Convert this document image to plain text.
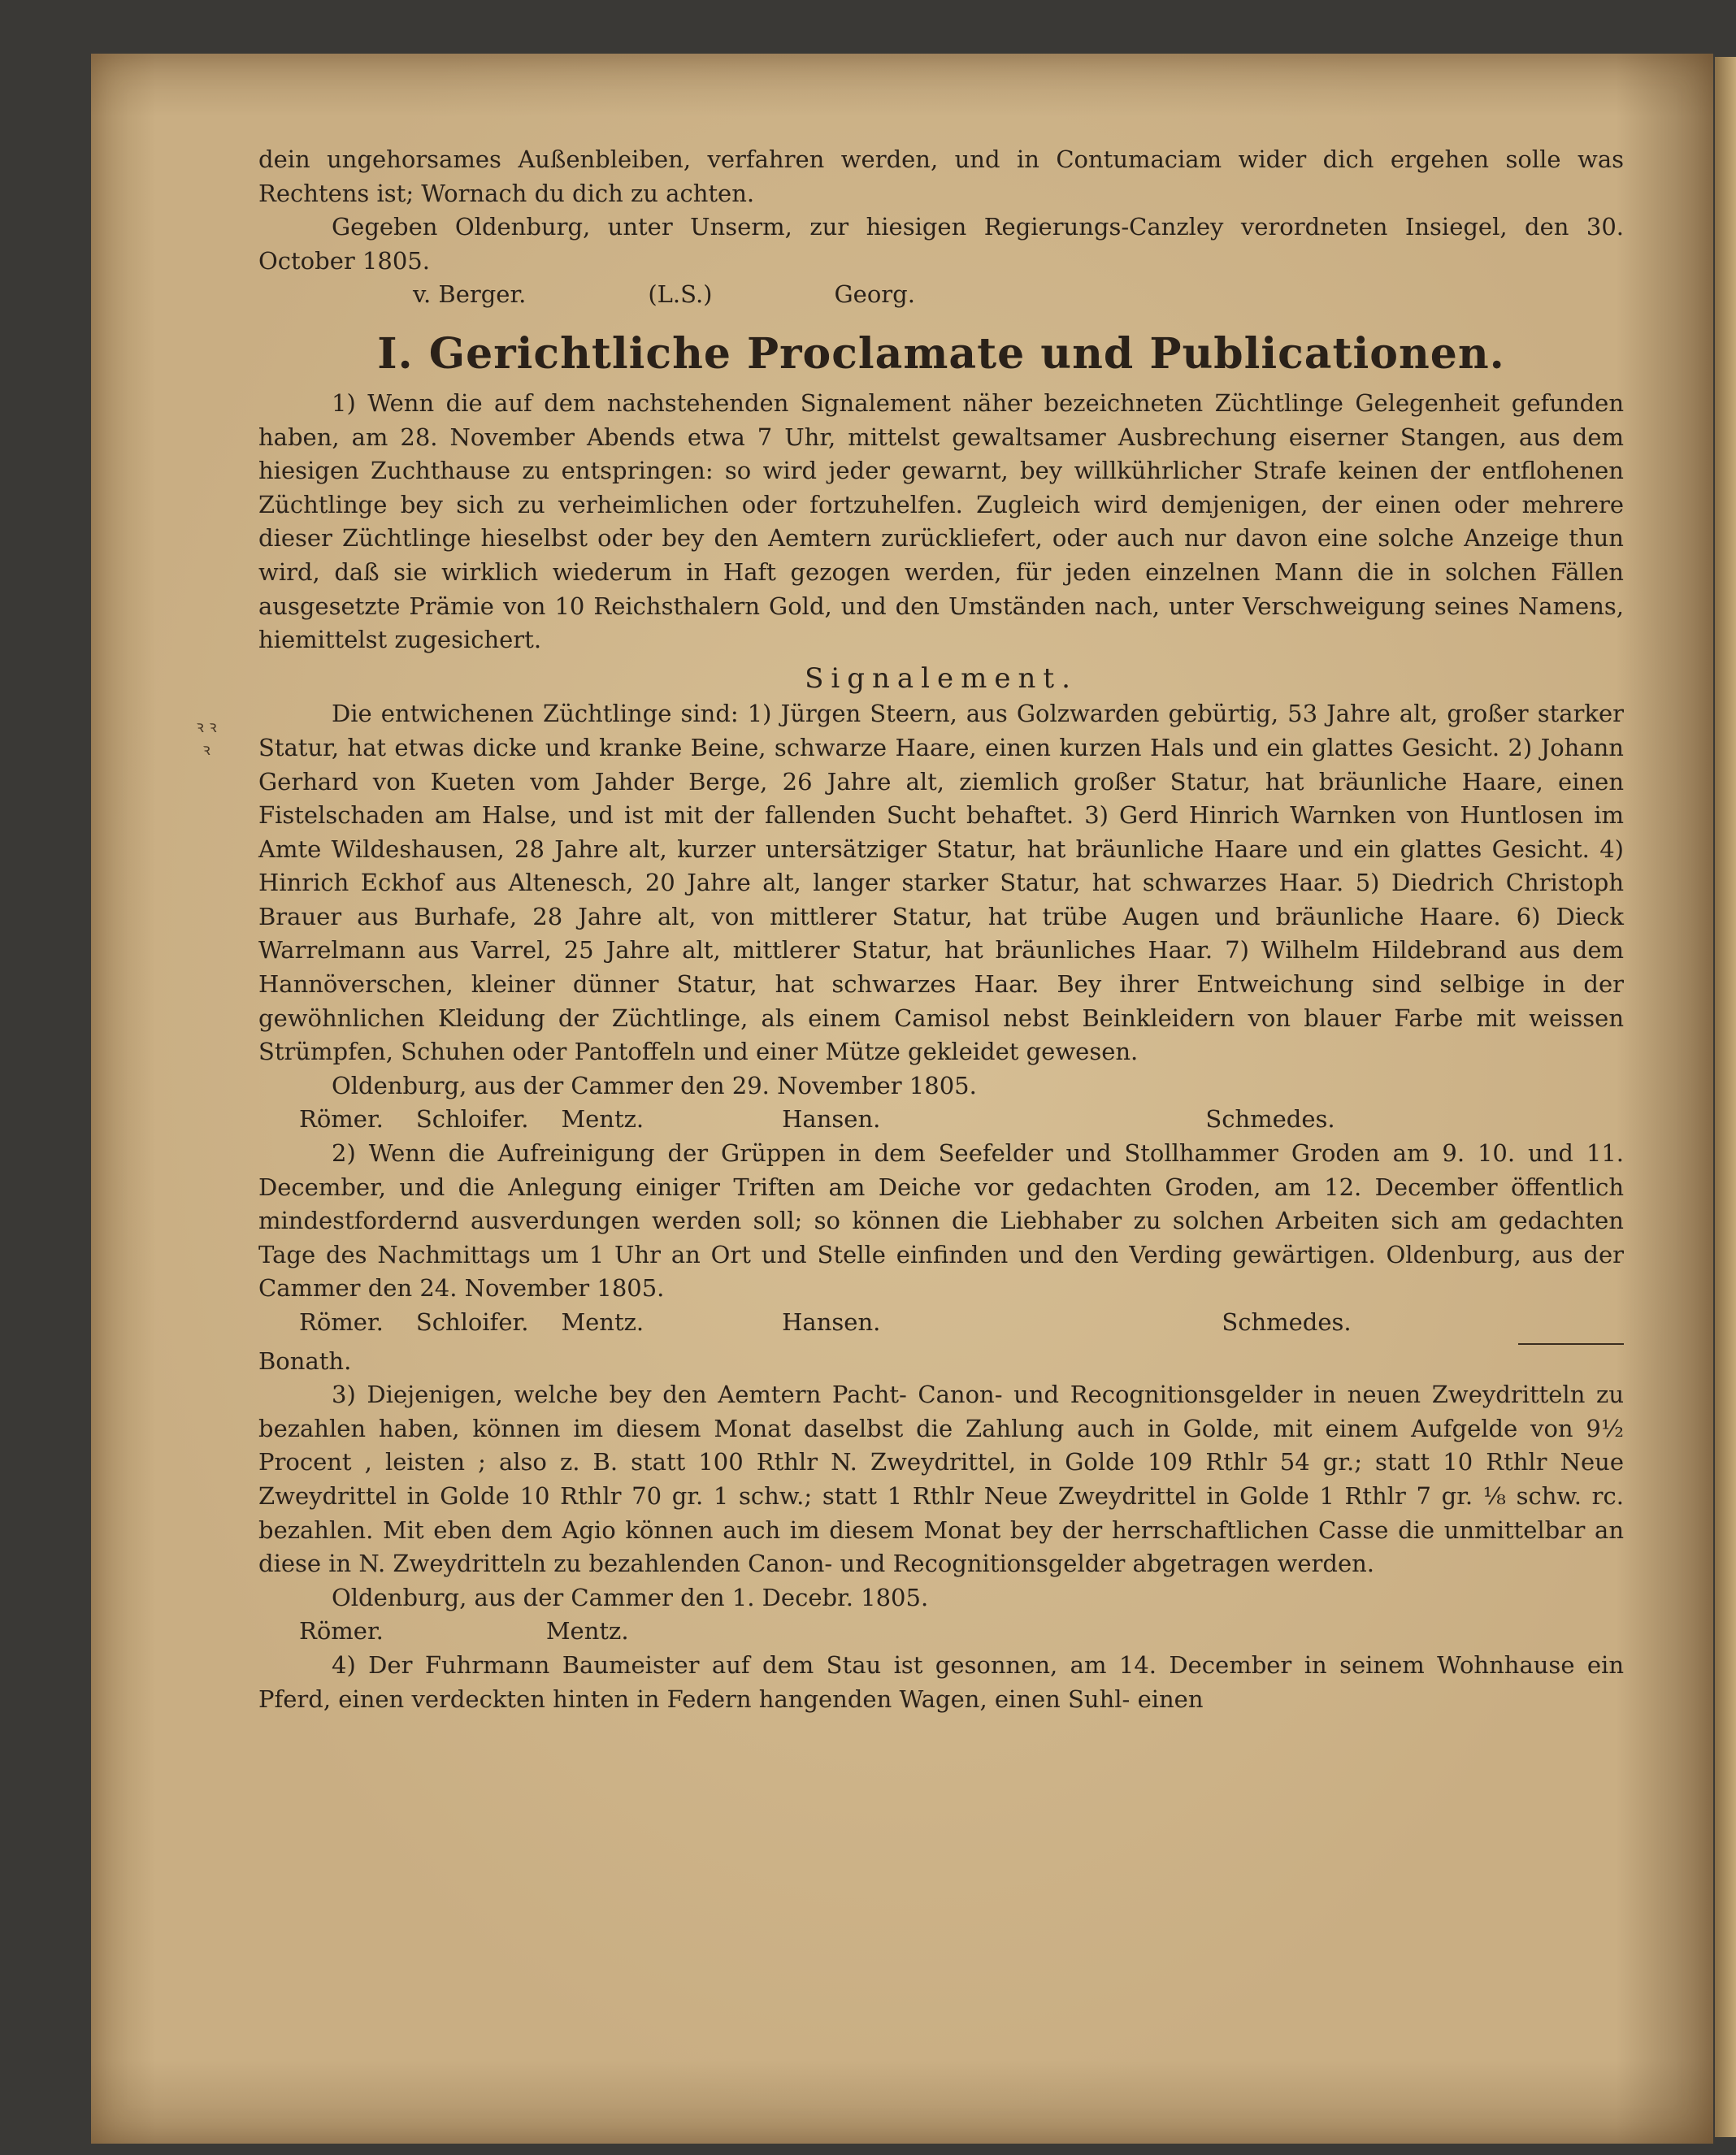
ꝛ ꝛ ꝛ

dein ungehorsames Außenbleiben, verfahren werden, und in Contumaciam wider dich ergehen solle was Rechtens ist; Wornach du dich zu achten.

Gegeben Oldenburg, unter Unserm, zur hiesigen Regierungs-Canzley verordneten Insiegel, den 30. October 1805.

v. Berger.	(L.S.)	Georg.
I. Gerichtliche Proclamate und Publicationen.

1) Wenn die auf dem nachstehenden Signalement näher bezeichneten Züchtlinge Gelegenheit gefunden haben, am 28. November Abends etwa 7 Uhr, mittelst gewaltsamer Ausbrechung eiserner Stangen, aus dem hiesigen Zuchthause zu entspringen: so wird jeder gewarnt, bey willkührlicher Strafe keinen der entflohenen Züchtlinge bey sich zu verheimlichen oder fortzuhelfen. Zugleich wird demjenigen, der einen oder mehrere dieser Züchtlinge hieselbst oder bey den Aemtern zurückliefert, oder auch nur davon eine solche Anzeige thun wird, daß sie wirklich wiederum in Haft gezogen werden, für jeden einzelnen Mann die in solchen Fällen ausgesetzte Prämie von 10 Reichsthalern Gold, und den Umständen nach, unter Verschweigung seines Namens, hiemittelst zugesichert.

Signalement.

Die entwichenen Züchtlinge sind: 1) Jürgen Steern, aus Golzwarden gebürtig, 53 Jahre alt, großer starker Statur, hat etwas dicke und kranke Beine, schwarze Haare, einen kurzen Hals und ein glattes Gesicht. 2) Johann Gerhard von Kueten vom Jahder Berge, 26 Jahre alt, ziemlich großer Statur, hat bräunliche Haare, einen Fistelschaden am Halse, und ist mit der fallenden Sucht behaftet. 3) Gerd Hinrich Warnken von Huntlosen im Amte Wildeshausen, 28 Jahre alt, kurzer untersätziger Statur, hat bräunliche Haare und ein glattes Gesicht. 4) Hinrich Eckhof aus Altenesch, 20 Jahre alt, langer starker Statur, hat schwarzes Haar. 5) Diedrich Christoph Brauer aus Burhafe, 28 Jahre alt, von mittlerer Statur, hat trübe Augen und bräunliche Haare. 6) Dieck Warrelmann aus Varrel, 25 Jahre alt, mittlerer Statur, hat bräunliches Haar. 7) Wilhelm Hildebrand aus dem Hannöverschen, kleiner dünner Statur, hat schwarzes Haar. Bey ihrer Entweichung sind selbige in der gewöhnlichen Kleidung der Züchtlinge, als einem Camisol nebst Beinkleidern von blauer Farbe mit weissen Strümpfen, Schuhen oder Pantoffeln und einer Mütze gekleidet gewesen.

Oldenburg, aus der Cammer den 29. November 1805.

Römer. Schloifer. Mentz.	Hansen.	Schmedes.

2) Wenn die Aufreinigung der Grüppen in dem Seefelder und Stollhammer Groden am 9. 10. und 11. December, und die Anlegung einiger Triften am Deiche vor gedachten Groden, am 12. December öffentlich mindestfordernd ausverdungen werden soll; so können die Liebhaber zu solchen Arbeiten sich am gedachten Tage des Nachmittags um 1 Uhr an Ort und Stelle einfinden und den Verding gewärtigen. Oldenburg, aus der Cammer den 24. November 1805.

Römer. Schloifer. Mentz.	Hansen.	Schmedes.

Bonath.

3) Diejenigen, welche bey den Aemtern Pacht- Canon- und Recognitionsgelder in neuen Zweydritteln zu bezahlen haben, können im diesem Monat daselbst die Zahlung auch in Golde, mit einem Aufgelde von 9½ Procent , leisten ; also z. B. statt 100 Rthlr N. Zweydrittel, in Golde 109 Rthlr 54 gr.; statt 10 Rthlr Neue Zweydrittel in Golde 10 Rthlr 70 gr. 1 schw.; statt 1 Rthlr Neue Zweydrittel in Golde 1 Rthlr 7 gr. ⅛ schw. rc. bezahlen. Mit eben dem Agio können auch im diesem Monat bey der herrschaftlichen Casse die unmittelbar an diese in N. Zweydritteln zu bezahlenden Canon- und Recognitionsgelder abgetragen werden.

Oldenburg, aus der Cammer den 1. Decebr. 1805.

Römer.	Mentz.

4) Der Fuhrmann Baumeister auf dem Stau ist gesonnen, am 14. December in seinem Wohnhause ein Pferd, einen verdeckten hinten in Federn hangenden Wagen, einen Suhl- einen
